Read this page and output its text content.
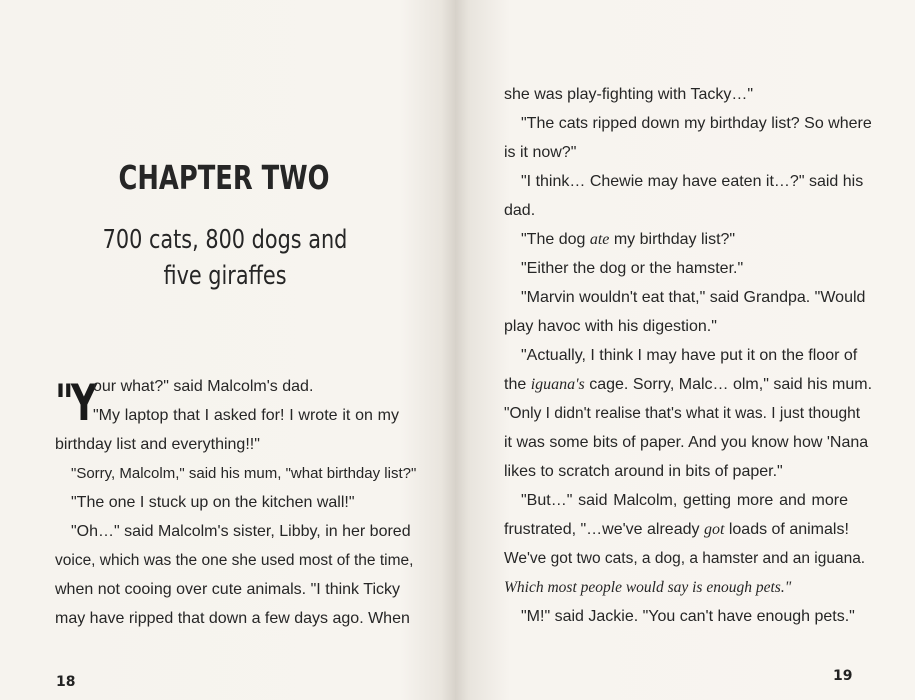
CHAPTER TWO
700 cats, 800 dogs and
five giraffes
"Y
our what?" said Malcolm's dad.
"My laptop that I asked for! I wrote it on my
birthday list and everything!!"
"Sorry, Malcolm," said his mum, "what birthday list?"
"The one I stuck up on the kitchen wall!"
"Oh…" said Malcolm's sister, Libby, in her bored
voice, which was the one she used most of the time,
when not cooing over cute animals. "I think Ticky
may have ripped that down a few days ago. When
18
she was play-fighting with Tacky…"
"The cats ripped down my birthday list? So where
is it now?"
"I think… Chewie may have eaten it…?" said his
dad.
"The dog ate my birthday list?"
"Either the dog or the hamster."
"Marvin wouldn't eat that," said Grandpa. "Would
play havoc with his digestion."
"Actually, I think I may have put it on the floor of
the iguana's cage. Sorry, Malc… olm," said his mum.
"Only I didn't realise that's what it was. I just thought
it was some bits of paper. And you know how 'Nana
likes to scratch around in bits of paper."
"But…" said Malcolm, getting more and more
frustrated, "…we've already got loads of animals!
We've got two cats, a dog, a hamster and an iguana.
Which most people would say is enough pets."
"M!" said Jackie. "You can't have enough pets."
19
